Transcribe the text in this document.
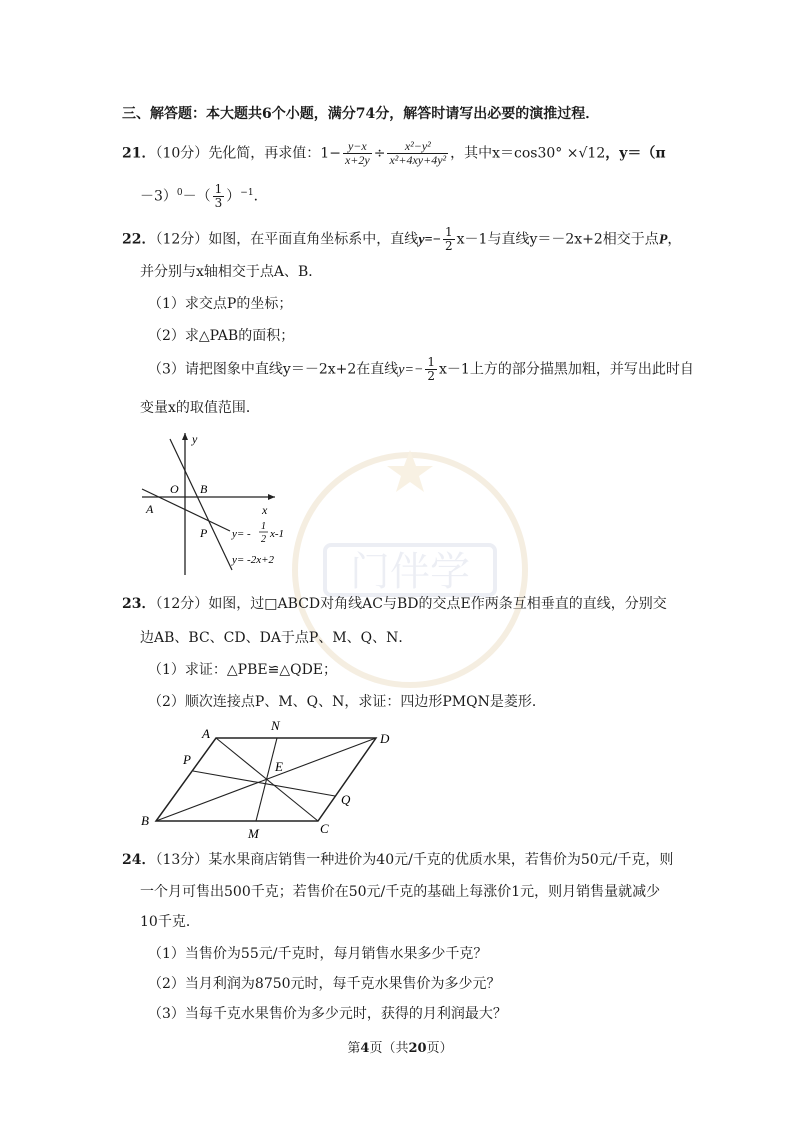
门伴学
三、解答题：本大题共6个小题，满分74分，解答时请写出必要的演推过程．
21．（10分）先化简，再求值：$1- \frac{y-x}{x+2y} \div \frac{\text{x²−y²}}{\text{x²+4xy+4y²}}$ ，其中x＝cos30° ×√12，y＝（π
$-3)^0-( \frac{1}{3} )^{-1}$．
22．（12分）如图，在平面直角坐标系中，直线$y=- \frac{1}{2} x-1$与直线y＝－2x+2相交于点P，
并分别与x轴相交于点A、B．
（1）求交点P的坐标；
（2）求△PAB的面积；
（3）请把图象中直线y＝－2x+2在直线$y=- \frac{1}{2} x-1$上方的部分描黑加粗，并写出此时自
变量x的取值范围．
y
x
O
A
B
P y= -
1
2 x-1
y= -2x+2
23．（12分）如图，过□ABCD对角线AC与BD的交点E作两条互相垂直的直线，分别交
边AB、BC、CD、DA于点P、M、Q、N．
（1）求证：△PBE≌△QDE；
（2）顺次连接点P、M、Q、N，求证：四边形PMQN是菱形．
A
B
C
D
E
N
M
P
Q
24．（13分）某水果商店销售一种进价为40元/千克的优质水果，若售价为50元/千克，则
一个月可售出500千克；若售价在50元/千克的基础上每涨价1元，则月销售量就减少
10千克．
（1）当售价为55元/千克时，每月销售水果多少千克？
（2）当月利润为8750元时，每千克水果售价为多少元？
（3）当每千克水果售价为多少元时，获得的月利润最大？
第4页（共20页）
